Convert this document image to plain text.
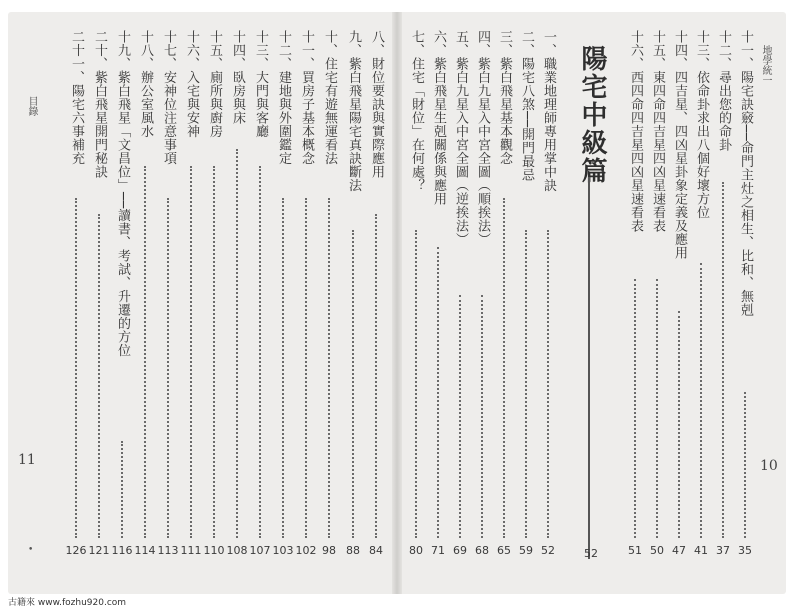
目錄
11
•
八、財位要訣與實際應用
84
九、紫白飛星陽宅真訣斷法
88
十、住宅有遊無運看法
98
十一、買房子基本概念
102
十二、建地與外圍鑑定
103
十三、大門與客廳
107
十四、臥房與床
108
十五、廁所與廚房
110
十六、入宅與安神
111
十七、安神位注意事項
113
十八、辦公室風水
114
十九、紫白飛星「文昌位」──讀書、考試、升遷的方位
116
二十、紫白飛星開門秘訣
121
二十一、陽宅六事補充
126
地學統一
10
陽宅中級篇
52
十一、陽宅訣竅──命門主灶之相生、比和、無剋
35
十二、尋出您的命卦
37
十三、依命卦求出八個好壞方位
41
十四、四吉星、四凶星卦象定義及應用
47
十五、東四命四吉星四凶星速看表
50
十六、西四命四吉星四凶星速看表
51
一、職業地理師專用掌中訣
52
二、陽宅八煞──開門最忌
59
三、紫白飛星基本觀念
65
四、紫白九星入中宮全圖（順挨法）
68
五、紫白九星入中宮全圖（逆挨法）
69
六、紫白飛星生剋關係與應用
71
七、住宅「財位」在何處？
80
古籍來 www.fozhu920.com
